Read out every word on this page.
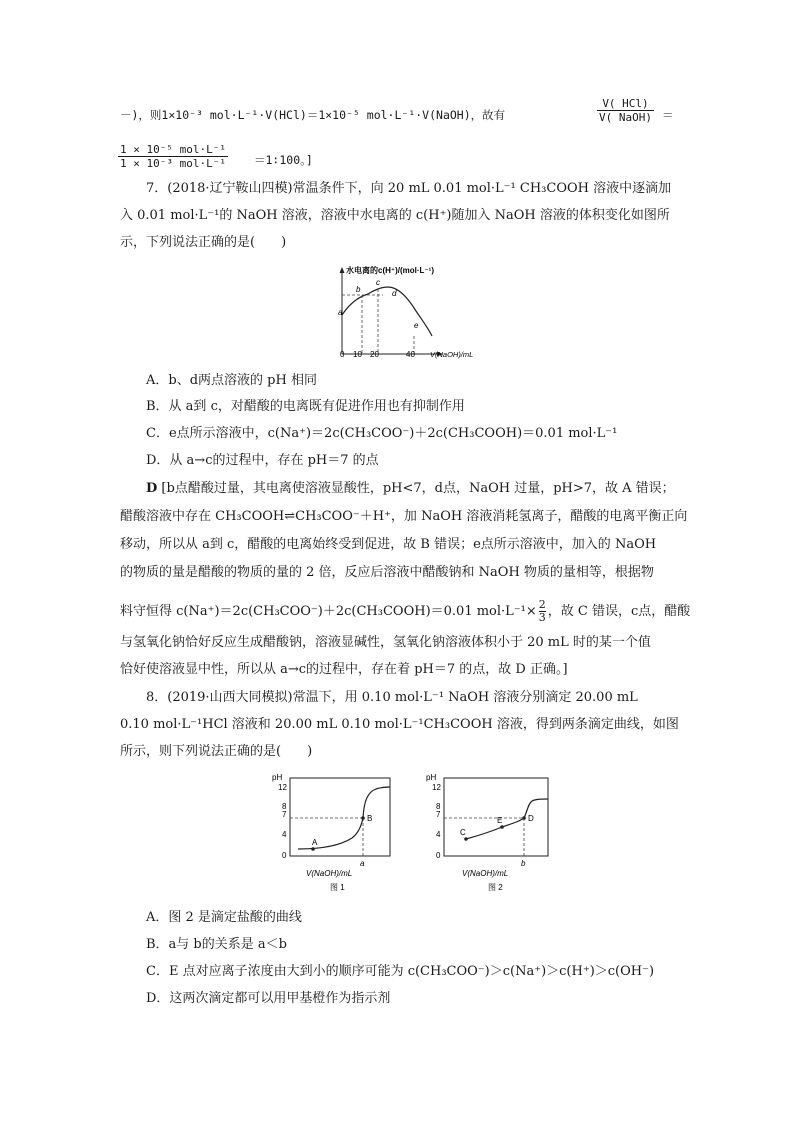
－)，则1×10⁻³ mol·L⁻¹·V(HCl)＝1×10⁻⁵ mol·L⁻¹·V(NaOH)，故有
V( HCl)
V( NaOH) ＝
1 × 10⁻⁵ mol·L⁻¹
1 × 10⁻³ mol·L⁻¹ ＝1∶100。]
7．(2018·辽宁鞍山四模)常温条件下，向 20 mL 0.01 mol·L⁻¹ CH₃COOH 溶液中逐滴加
入 0.01 mol·L⁻¹的 NaOH 溶液，溶液中水电离的 c(H⁺)随加入 NaOH 溶液的体积变化如图所
示，下列说法正确的是(　　)
水电离的c(H⁺)/(mol·L⁻¹)
a
b
c
d
e
0 10 20	40 V(NaOH)/mL
A．b、d两点溶液的 pH 相同
B．从 a到 c，对醋酸的电离既有促进作用也有抑制作用
C．e点所示溶液中，c(Na⁺)＝2c(CH₃COO⁻)＋2c(CH₃COOH)＝0.01 mol·L⁻¹
D．从 a→c的过程中，存在 pH＝7 的点
D [b点醋酸过量，其电离使溶液显酸性，pH<7，d点，NaOH 过量，pH>7，故 A 错误；
醋酸溶液中存在 CH₃COOH⇌CH₃COO⁻＋H⁺，加 NaOH 溶液消耗氢离子，醋酸的电离平衡正向
移动，所以从 a到 c，醋酸的电离始终受到促进，故 B 错误；e点所示溶液中，加入的 NaOH
的物质的量是醋酸的物质的量的 2 倍，反应后溶液中醋酸钠和 NaOH 物质的量相等，根据物
料守恒得 c(Na⁺)＝2c(CH₃COO⁻)＋2c(CH₃COOH)＝0.01 $mol\cdot L^{-1}\times \frac{2}{3}$ ，故 C 错误，c点，醋酸
与氢氧化钠恰好反应生成醋酸钠，溶液显碱性，氢氧化钠溶液体积小于 20 mL 时的某一个值
恰好使溶液显中性，所以从 a→c的过程中，存在着 pH＝7 的点，故 D 正确。]
8．(2019·山西大同模拟)常温下，用 0.10 mol·L⁻¹ NaOH 溶液分别滴定 20.00 mL
0.10 mol·L⁻¹HCl 溶液和 20.00 mL 0.10 mol·L⁻¹CH₃COOH 溶液，得到两条滴定曲线，如图
所示，则下列说法正确的是(　　)
pH
12
8
7
4
0
A
B
a
V(NaOH)/mL
图 1
pH
12
8
7
4
0
C
E	D
b
V(NaOH)/mL
图 2
A．图 2 是滴定盐酸的曲线
B．a与 b的关系是 a＜b
C．E 点对应离子浓度由大到小的顺序可能为 c(CH₃COO⁻)＞c(Na⁺)＞c(H⁺)＞c(OH⁻)
D．这两次滴定都可以用甲基橙作为指示剂
